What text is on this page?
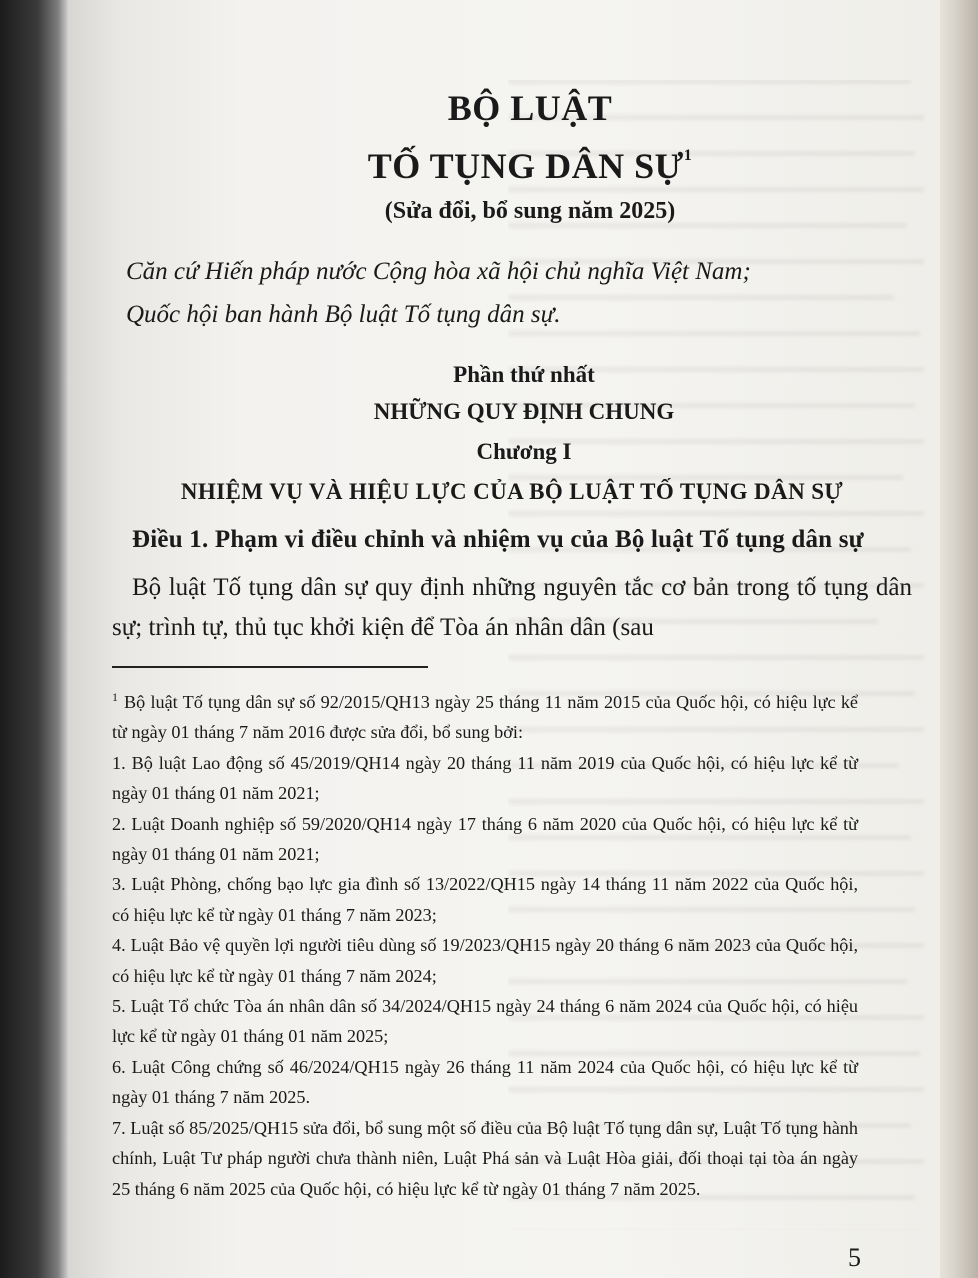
BỘ LUẬT
TỐ TỤNG DÂN SỰ$^1$
(Sửa đổi, bổ sung năm 2025)
Căn cứ Hiến pháp nước Cộng hòa xã hội chủ nghĩa Việt Nam;
Quốc hội ban hành Bộ luật Tố tụng dân sự.
Phần thứ nhất
NHỮNG QUY ĐỊNH CHUNG
Chương I
NHIỆM VỤ VÀ HIỆU LỰC CỦA BỘ LUẬT TỐ TỤNG DÂN SỰ
Điều 1. Phạm vi điều chỉnh và nhiệm vụ của Bộ luật Tố tụng dân sự
Bộ luật Tố tụng dân sự quy định những nguyên tắc cơ bản trong tố tụng dân sự; trình tự, thủ tục khởi kiện để Tòa án nhân dân (sau
$^1$ Bộ luật Tố tụng dân sự số 92/2015/QH13 ngày 25 tháng 11 năm 2015 của Quốc hội, có hiệu lực kể từ ngày 01 tháng 7 năm 2016 được sửa đổi, bổ sung bởi:
1. Bộ luật Lao động số 45/2019/QH14 ngày 20 tháng 11 năm 2019 của Quốc hội, có hiệu lực kể từ ngày 01 tháng 01 năm 2021;
2. Luật Doanh nghiệp số 59/2020/QH14 ngày 17 tháng 6 năm 2020 của Quốc hội, có hiệu lực kể từ ngày 01 tháng 01 năm 2021;
3. Luật Phòng, chống bạo lực gia đình số 13/2022/QH15 ngày 14 tháng 11 năm 2022 của Quốc hội, có hiệu lực kể từ ngày 01 tháng 7 năm 2023;
4. Luật Bảo vệ quyền lợi người tiêu dùng số 19/2023/QH15 ngày 20 tháng 6 năm 2023 của Quốc hội, có hiệu lực kể từ ngày 01 tháng 7 năm 2024;
5. Luật Tổ chức Tòa án nhân dân số 34/2024/QH15 ngày 24 tháng 6 năm 2024 của Quốc hội, có hiệu lực kể từ ngày 01 tháng 01 năm 2025;
6. Luật Công chứng số 46/2024/QH15 ngày 26 tháng 11 năm 2024 của Quốc hội, có hiệu lực kể từ ngày 01 tháng 7 năm 2025.
7. Luật số 85/2025/QH15 sửa đổi, bổ sung một số điều của Bộ luật Tố tụng dân sự, Luật Tố tụng hành chính, Luật Tư pháp người chưa thành niên, Luật Phá sản và Luật Hòa giải, đối thoại tại tòa án ngày 25 tháng 6 năm 2025 của Quốc hội, có hiệu lực kể từ ngày 01 tháng 7 năm 2025.
5
